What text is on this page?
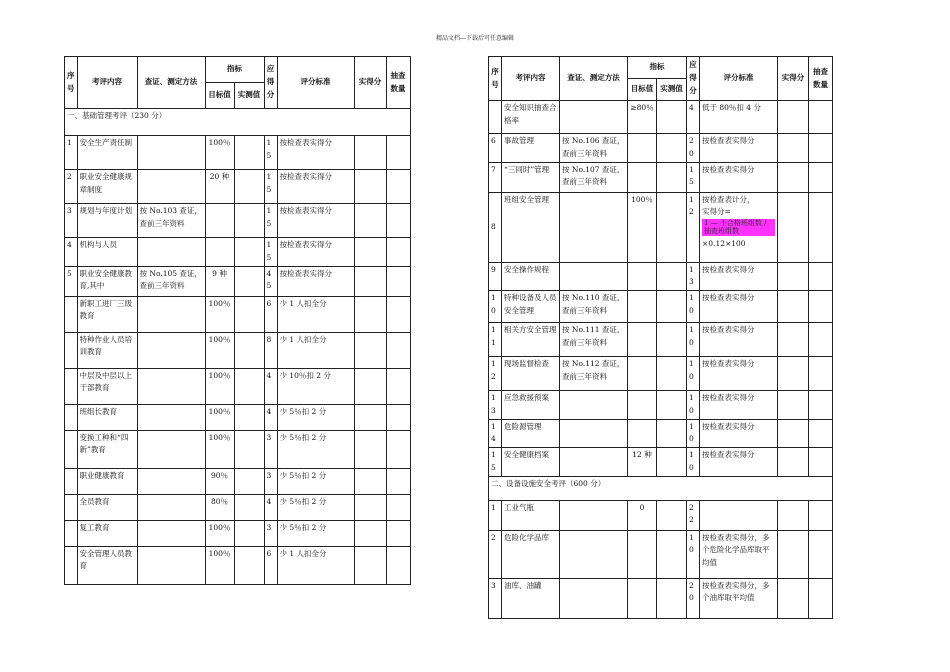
精品文档---下载后可任意编辑
序号	考评内容	查证、测定方法	指标		应得分	评分标准	实得分	抽查数量
			目标值	实测值				
一、基础管理考评（230 分）								
1	安全生产责任制		100％		15	按检查表实得分		
2	职业安全健康规章制度		20 种		15	按检查表实得分		
3	规划与年度计划	按 No.103 查证，查前三年资料			15	按检查表实得分		
4	机构与人员				15	按检查表实得分		
5	职业安全健康教育,其中	按 No.105 查证，查前三年资料	9 种		45	按检查表实得分		
	新职工进厂三级教育		100％		6	少 1 人扣全分		
	特种作业人员培训教育		100％		8	少 1 人扣全分		
	中层及中层以上干部教育		100％		4	少 10％扣 2 分		
	班组长教育		100％		4	少 5％扣 2 分		
	变换工种和“四新”教育		100％		3	少 5％扣 2 分		
	职业健康教育		90％		3	少 5％扣 2 分		
	全员教育		80％		4	少 5％扣 2 分		
	复工教育		100％		3	少 5％扣 2 分		
	安全管理人员教育		100％		6	少 1 人扣全分		
序号	考评内容	查证、测定方法	指标		应得分	评分标准	实得分	抽查数量
			目标值	实测值				
	安全知识抽查合格率		≥80％		4	低于 80％扣 4 分		
6	事故管理	按 No.106 查证，查前三年资料			20	按检查表实得分		
7	“三同时”管理	按 No.107 查证，查前三年资料			15	按检查表实得分		
8	班组安全管理		100％		12	按检查表计分，
实得分=
1 — 不合格班组数 / 抽查班组数
×0.12×100		

9	安全操作规程				13	按检查表实得分		
10	特种设备及人员安全管理	按 No.110 查证，查前三年资料			10	按检查表实得分		
11	相关方安全管理	按 No.111 查证，查前三年资料			10	按检查表实得分		
12	现场监督检查	按 No.112 查证，查前三年资料			10	按检查表实得分		
13	应急救援预案				10	按检查表实得分		
14	危险源管理				10	按检查表实得分		
15	安全健康档案		12 种		10	按检查表实得分		
二、设备设施安全考评（600 分）								
1	工业气瓶		0		22			
2	危险化学品库				10	按检查表实得分，多个危险化学品库取平均值		
3	油库、油罐				20	按检查表实得分，多个油库取平均值		
